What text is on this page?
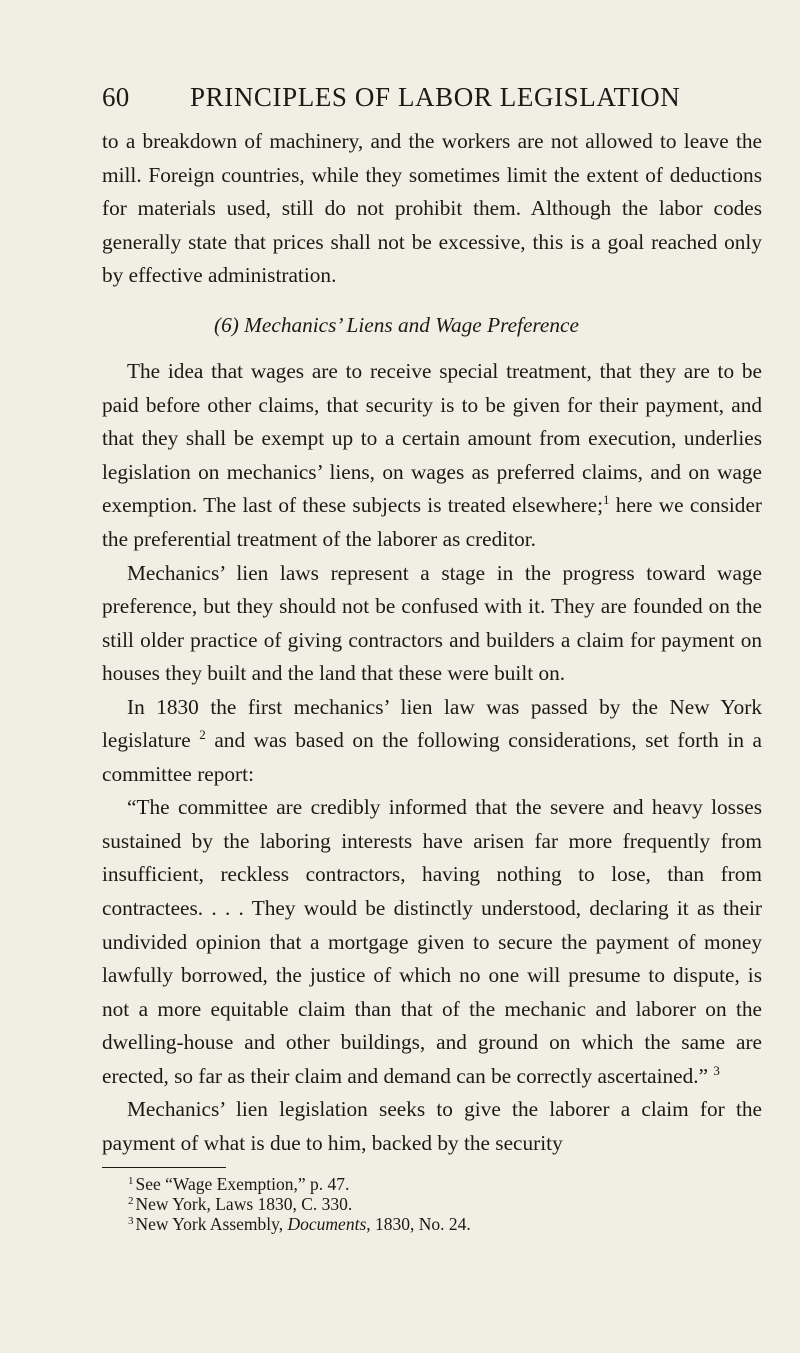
60	PRINCIPLES OF LABOR LEGISLATION

to a breakdown of machinery, and the workers are not allowed to leave the mill. Foreign countries, while they sometimes limit the extent of deductions for materials used, still do not prohibit them. Although the labor codes generally state that prices shall not be excessive, this is a goal reached only by effective administration.

(6) Mechanics’ Liens and Wage Preference

The idea that wages are to receive special treatment, that they are to be paid before other claims, that security is to be given for their payment, and that they shall be exempt up to a certain amount from execution, underlies legislation on mechanics’ liens, on wages as preferred claims, and on wage exemption. The last of these subjects is treated elsewhere;$^1$ here we consider the preferential treatment of the laborer as creditor.

Mechanics’ lien laws represent a stage in the progress toward wage preference, but they should not be confused with it. They are founded on the still older practice of giving contractors and builders a claim for payment on houses they built and the land that these were built on.

In 1830 the first mechanics’ lien law was passed by the New York legislature $^2$ and was based on the following considerations, set forth in a committee report:

“The committee are credibly informed that the severe and heavy losses sustained by the laboring interests have arisen far more frequently from insufficient, reckless contractors, having nothing to lose, than from contractees. . . . They would be distinctly understood, declaring it as their undivided opinion that a mortgage given to secure the payment of money lawfully borrowed, the justice of which no one will presume to dispute, is not a more equitable claim than that of the mechanic and laborer on the dwelling-house and other buildings, and ground on which the same are erected, so far as their claim and demand can be correctly ascertained.” $^3$

Mechanics’ lien legislation seeks to give the laborer a claim for the payment of what is due to him, backed by the security

$^1$ See “Wage Exemption,” p. 47.
$^2$ New York, Laws 1830, C. 330.
$^3$ New York Assembly, Documents, 1830, No. 24.
